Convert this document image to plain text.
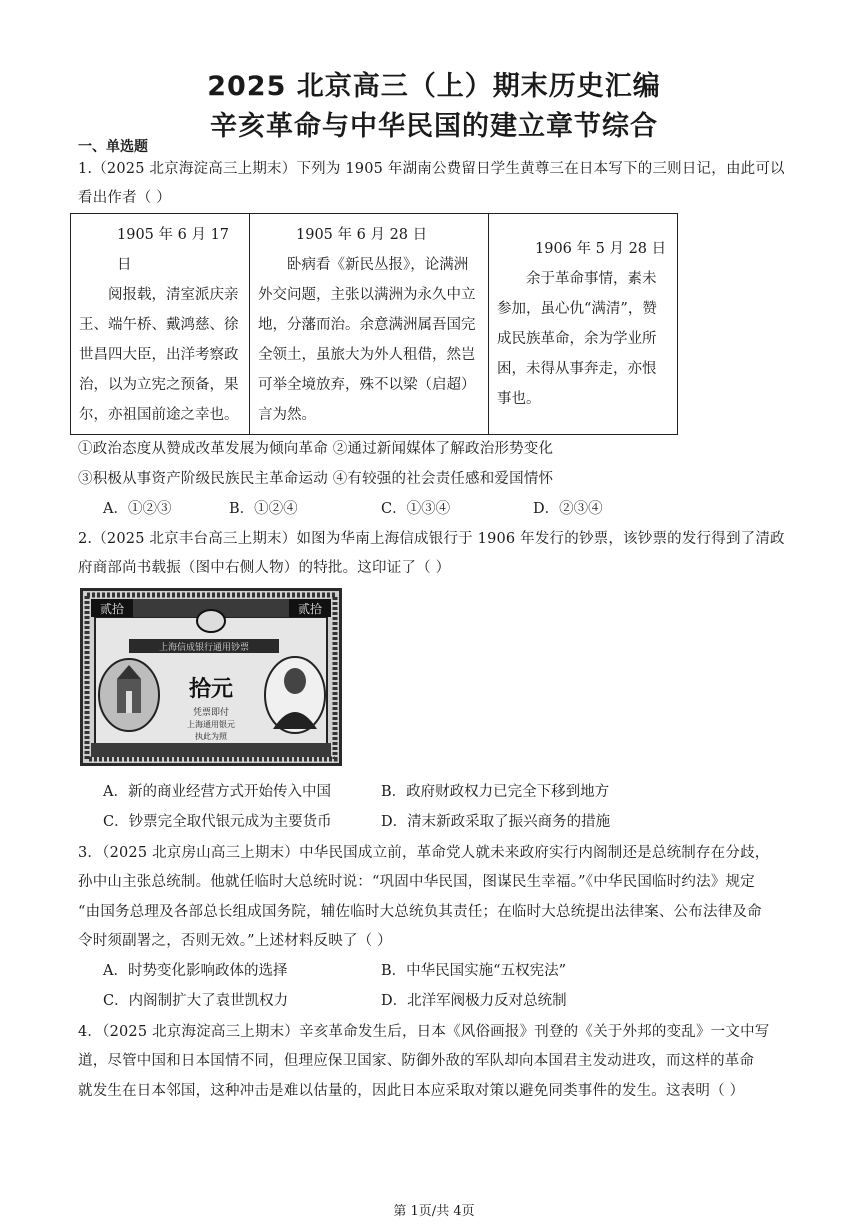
2025 北京高三（上）期末历史汇编
辛亥革命与中华民国的建立章节综合
一、单选题
1.（2025 北京海淀高三上期末）下列为 1905 年湖南公费留日学生黄尊三在日本写下的三则日记，由此可以
看出作者（ ）
1905 年 6 月 17 日
阅报载，清室派庆亲王、端午桥、戴鸿慈、徐世昌四大臣，出洋考察政治，以为立宪之预备，果尔，亦祖国前途之幸也。

1905 年 6 月 28 日
卧病看《新民丛报》，论满洲外交问题，主张以满洲为永久中立地，分藩而治。余意满洲属吾国完全领土，虽旅大为外人租借，然岂可举全境放弃，殊不以梁（启超）言为然。

1906 年 5 月 28 日
余于革命事情，素未参加，虽心仇“满清”，赞成民族革命，余为学业所困，未得从事奔走，亦恨事也。
①政治态度从赞成改革发展为倾向革命 ②通过新闻媒体了解政治形势变化
③积极从事资产阶级民族民主革命运动 ④有较强的社会责任感和爱国情怀
A．①②③	B．①②④	C．①③④	D．②③④
2.（2025 北京丰台高三上期末）如图为华南上海信成银行于 1906 年发行的钞票，该钞票的发行得到了清政
府商部尚书载振（图中右侧人物）的特批。这印证了（ ）
贰拾	贰拾
上海信成银行通用钞票
拾元
凭票即付
上海通用银元
执此为照
A．新的商业经营方式开始传入中国	B．政府财政权力已完全下移到地方
C．钞票完全取代银元成为主要货币	D．清末新政采取了振兴商务的措施
3．（2025 北京房山高三上期末）中华民国成立前，革命党人就未来政府实行内阁制还是总统制存在分歧，
孙中山主张总统制。他就任临时大总统时说：“巩固中华民国，图谋民生幸福。”《中华民国临时约法》规定
“由国务总理及各部总长组成国务院，辅佐临时大总统负其责任；在临时大总统提出法律案、公布法律及命
令时须副署之，否则无效。”上述材料反映了（ ）
A．时势变化影响政体的选择	B．中华民国实施“五权宪法”
C．内阁制扩大了袁世凯权力	D．北洋军阀极力反对总统制
4．（2025 北京海淀高三上期末）辛亥革命发生后，日本《风俗画报》刊登的《关于外邦的变乱》一文中写
道，尽管中国和日本国情不同，但理应保卫国家、防御外敌的军队却向本国君主发动进攻，而这样的革命
就发生在日本邻国，这种冲击是难以估量的，因此日本应采取对策以避免同类事件的发生。这表明（ ）
第 1页/共 4页
